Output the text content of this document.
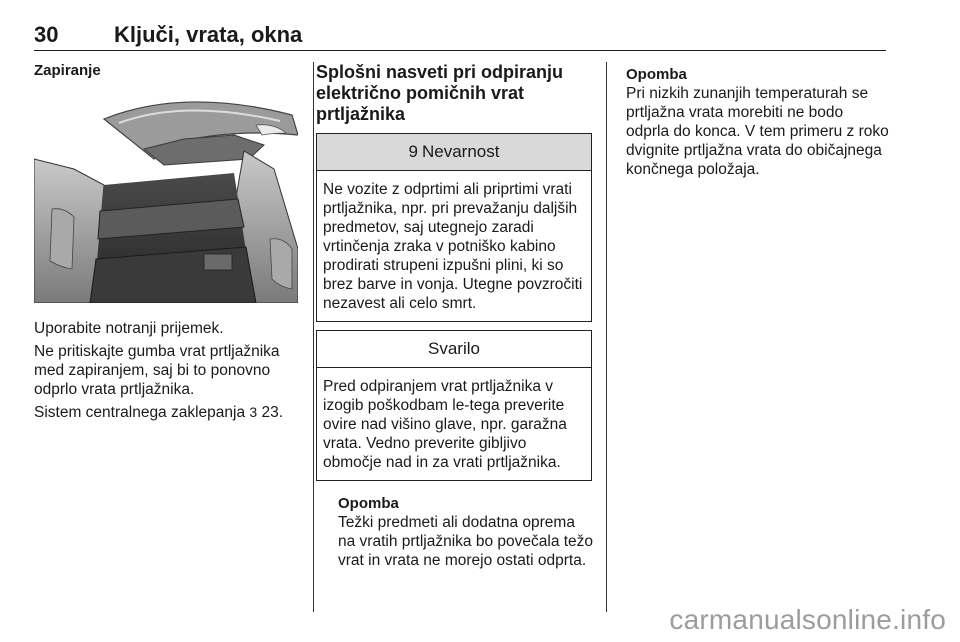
30	Ključi, vrata, okna
Zapiranje

Uporabite notranji prijemek.

Ne pritiskajte gumba vrat prtljažnika med zapiranjem, saj bi to ponovno odprlo vrata prtljažnika.

Sistem centralnega zaklepanja 3 23.

Splošni nasveti pri odpiranju električno pomičnih vrat prtljažnika
9 Nevarnost
Ne vozite z odprtimi ali priprtimi vrati prtljažnika, npr. pri prevažanju daljših predmetov, saj utegnejo zaradi vrtinčenja zraka v potniško kabino prodirati strupeni izpušni plini, ki so brez barve in vonja. Utegne povzročiti nezavest ali celo smrt.
Svarilo
Pred odpiranjem vrat prtljažnika v izogib poškodbam le-tega preverite ovire nad višino glave, npr. garažna vrata. Vedno preverite gibljivo območje nad in za vrati prtljažnika.
Opomba
Težki predmeti ali dodatna oprema na vratih prtljažnika bo povečala težo vrat in vrata ne morejo ostati odprta.
Opomba
Pri nizkih zunanjih temperaturah se prtljažna vrata morebiti ne bodo odprla do konca. V tem primeru z roko dvignite prtljažna vrata do običajnega končnega položaja.
carmanualsonline.info
